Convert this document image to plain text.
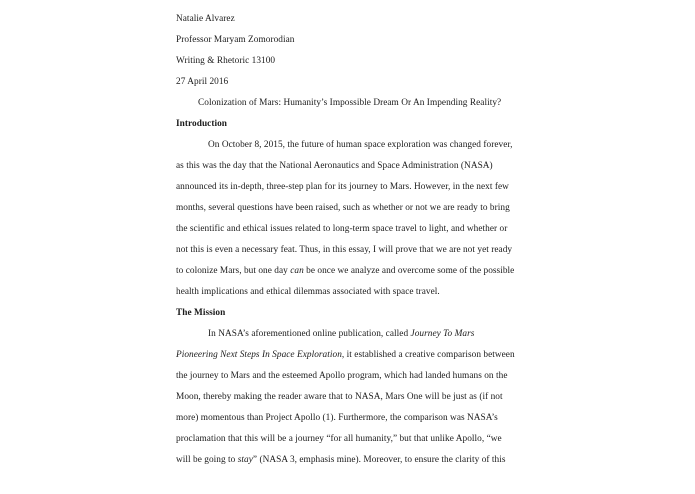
Natalie Alvarez
Professor Maryam Zomorodian
Writing & Rhetoric 13100
27 April 2016
Colonization of Mars: Humanity’s Impossible Dream Or An Impending Reality?
Introduction
On October 8, 2015, the future of human space exploration was changed forever,
as this was the day that the National Aeronautics and Space Administration (NASA)
announced its in-depth, three-step plan for its journey to Mars. However, in the next few
months, several questions have been raised, such as whether or not we are ready to bring
the scientific and ethical issues related to long-term space travel to light, and whether or
not this is even a necessary feat. Thus, in this essay, I will prove that we are not yet ready
to colonize Mars, but one day can be once we analyze and overcome some of the possible
health implications and ethical dilemmas associated with space travel.
The Mission
In NASA’s aforementioned online publication, called Journey To Mars
Pioneering Next Steps In Space Exploration, it established a creative comparison between
the journey to Mars and the esteemed Apollo program, which had landed humans on the
Moon, thereby making the reader aware that to NASA, Mars One will be just as (if not
more) momentous than Project Apollo (1). Furthermore, the comparison was NASA’s
proclamation that this will be a journey “for all humanity,” but that unlike Apollo, “we
will be going to stay” (NASA 3, emphasis mine). Moreover, to ensure the clarity of this
